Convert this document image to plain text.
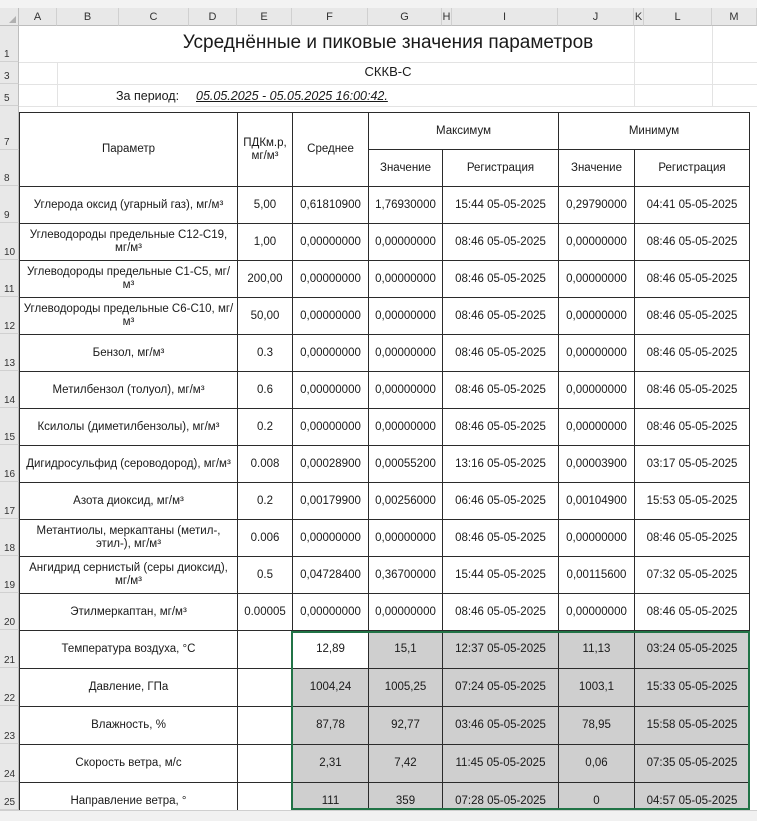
A	B	C	D	E	F	G	H	I	J	K	L	M
1
3
5
7
8
9
10
11
12
13
14
15
16
17
18
19
20
21
22
23
24
25
Усреднённые и пиковые значения параметров
СККВ-С
За период: 05.05.2025 - 05.05.2025 16:00:42.
Параметр	ПДКм.р, мг/м³	Среднее	Максимум		Минимум	
			Значение	Регистрация	Значение	Регистрация
Углерода оксид (угарный газ), мг/м³	5,00	0,61810900	1,76930000	15:44 05-05-2025	0,29790000	04:41 05-05-2025
Углеводороды предельные С12-С19, мг/м³	1,00	0,00000000	0,00000000	08:46 05-05-2025	0,00000000	08:46 05-05-2025
Углеводороды предельные С1-С5, мг/м³	200,00	0,00000000	0,00000000	08:46 05-05-2025	0,00000000	08:46 05-05-2025
Углеводороды предельные С6-С10, мг/м³	50,00	0,00000000	0,00000000	08:46 05-05-2025	0,00000000	08:46 05-05-2025
Бензол, мг/м³	0.3	0,00000000	0,00000000	08:46 05-05-2025	0,00000000	08:46 05-05-2025
Метилбензол (толуол), мг/м³	0.6	0,00000000	0,00000000	08:46 05-05-2025	0,00000000	08:46 05-05-2025
Ксилолы (диметилбензолы), мг/м³	0.2	0,00000000	0,00000000	08:46 05-05-2025	0,00000000	08:46 05-05-2025
Дигидросульфид (сероводород), мг/м³	0.008	0,00028900	0,00055200	13:16 05-05-2025	0,00003900	03:17 05-05-2025
Азота диоксид, мг/м³	0.2	0,00179900	0,00256000	06:46 05-05-2025	0,00104900	15:53 05-05-2025
Метантиолы, меркаптаны (метил-, этил-), мг/м³	0.006	0,00000000	0,00000000	08:46 05-05-2025	0,00000000	08:46 05-05-2025
Ангидрид сернистый (серы диоксид), мг/м³	0.5	0,04728400	0,36700000	15:44 05-05-2025	0,00115600	07:32 05-05-2025
Этилмеркаптан, мг/м³	0.00005	0,00000000	0,00000000	08:46 05-05-2025	0,00000000	08:46 05-05-2025
Температура воздуха, °С		12,89	15,1	12:37 05-05-2025	11,13	03:24 05-05-2025
Давление, ГПа		1004,24	1005,25	07:24 05-05-2025	1003,1	15:33 05-05-2025
Влажность, %		87,78	92,77	03:46 05-05-2025	78,95	15:58 05-05-2025
Скорость ветра, м/с		2,31	7,42	11:45 05-05-2025	0,06	07:35 05-05-2025
Направление ветра, °		111	359	07:28 05-05-2025	0	04:57 05-05-2025
